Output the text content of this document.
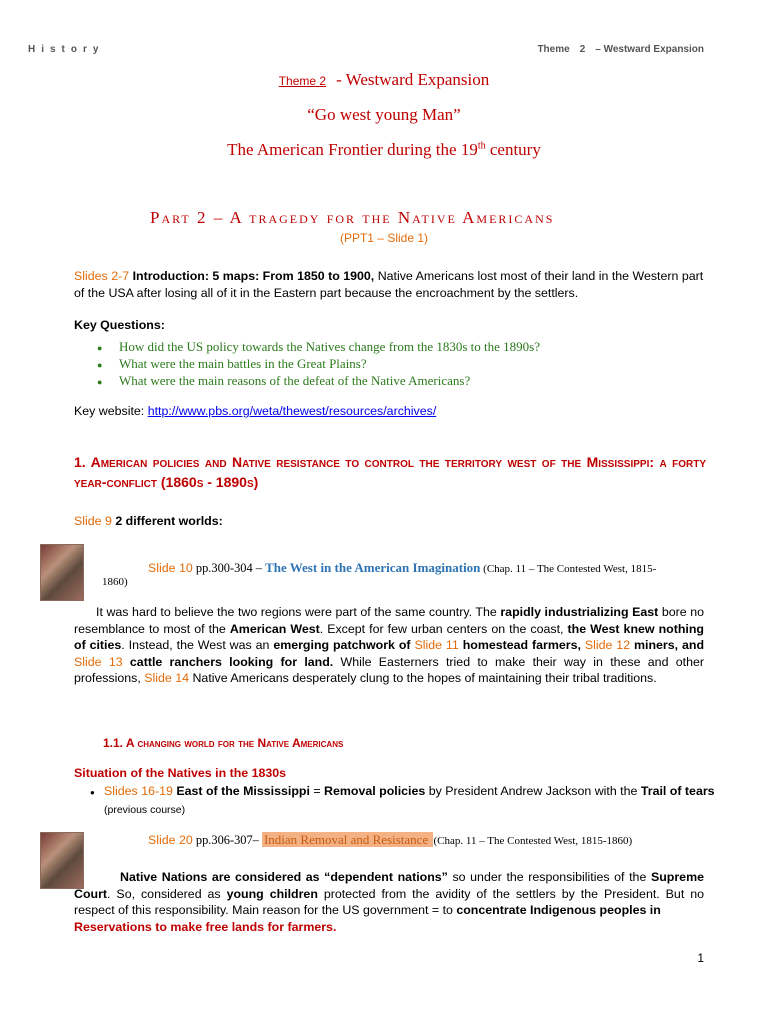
History	Theme 2 – Westward Expansion
Theme 2 - Westward Expansion
“Go west young Man”
The American Frontier during the 19th century
Part 2 – A tragedy for the Native Americans
(PPT1 – Slide 1)

Slides 2-7 Introduction: 5 maps: From 1850 to 1900, Native Americans lost most of their land in the Western part of the USA after losing all of it in the Eastern part because the encroachment by the settlers.

Key Questions:
● How did the US policy towards the Natives change from the 1830s to the 1890s?
● What were the main battles in the Great Plains?
● What were the main reasons of the defeat of the Native Americans?
Key website: http://www.pbs.org/weta/thewest/resources/archives/
1. American policies and Native resistance to control the territory west of the Mississippi: a forty year-conflict (1860s - 1890s)
Slide 9 2 different worlds:
Slide 10 pp.300-304 – The West in the American Imagination (Chap. 11 – The Contested West, 1815-
1860)

It was hard to believe the two regions were part of the same country. The rapidly industrializing East bore no resemblance to most of the American West. Except for few urban centers on the coast, the West knew nothing of cities. Instead, the West was an emerging patchwork of Slide 11 homestead farmers, Slide 12 miners, and Slide 13 cattle ranchers looking for land. While Easterners tried to make their way in these and other professions, Slide 14 Native Americans desperately clung to the hopes of maintaining their tribal traditions.

1.1. A changing world for the Native Americans
Situation of the Natives in the 1830s
● Slides 16-19 East of the Mississippi = Removal policies by President Andrew Jackson with the Trail of tears (previous course)
Slide 20 pp.306-307– Indian Removal and Resistance (Chap. 11 – The Contested West, 1815-1860)

Native Nations are considered as “dependent nations” so under the responsibilities of the Supreme Court. So, considered as young children protected from the avidity of the settlers by the President. But no respect of this responsibility. Main reason for the US government = to concentrate Indigenous peoples in
Reservations to make free lands for farmers.

1
